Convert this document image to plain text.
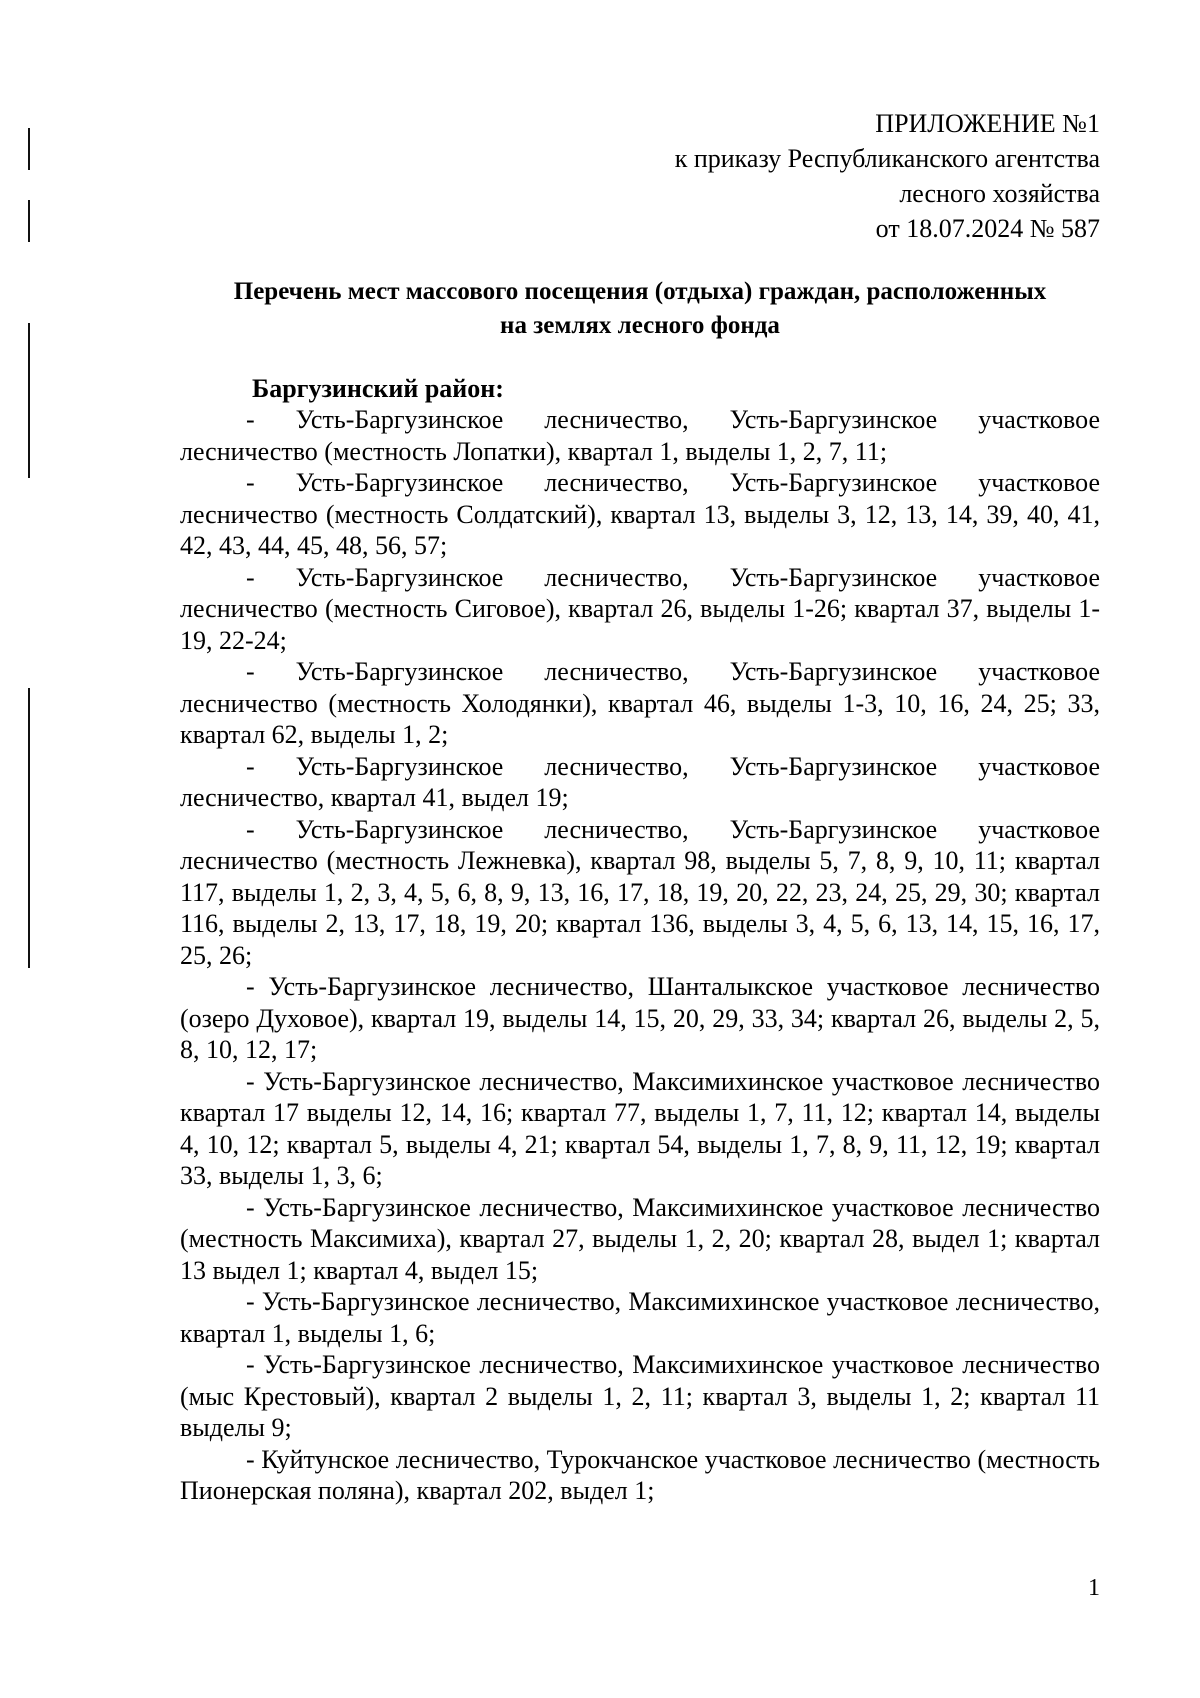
ПРИЛОЖЕНИЕ №1
к приказу Республиканского агентства
лесного хозяйства
от 18.07.2024 № 587
Перечень мест массового посещения (отдыха) граждан, расположенных
на землях лесного фонда
Баргузинский район:

- Усть-Баргузинское лесничество, Усть-Баргузинское участковое лесничество (местность Лопатки), квартал 1, выделы 1, 2, 7, 11;

- Усть-Баргузинское лесничество, Усть-Баргузинское участковое лесничество (местность Солдатский), квартал 13, выделы 3, 12, 13, 14, 39, 40, 41, 42, 43, 44, 45, 48, 56, 57;

- Усть-Баргузинское лесничество, Усть-Баргузинское участковое лесничество (местность Сиговое), квартал 26, выделы 1-26; квартал 37, выделы 1-19, 22-24;

- Усть-Баргузинское лесничество, Усть-Баргузинское участковое лесничество (местность Холодянки), квартал 46, выделы 1-3, 10, 16, 24, 25; 33, квартал 62, выделы 1, 2;

- Усть-Баргузинское лесничество, Усть-Баргузинское участковое лесничество, квартал 41, выдел 19;

- Усть-Баргузинское лесничество, Усть-Баргузинское участковое лесничество (местность Лежневка), квартал 98, выделы 5, 7, 8, 9, 10, 11; квартал 117, выделы 1, 2, 3, 4, 5, 6, 8, 9, 13, 16, 17, 18, 19, 20, 22, 23, 24, 25, 29, 30; квартал 116, выделы 2, 13, 17, 18, 19, 20; квартал 136, выделы 3, 4, 5, 6, 13, 14, 15, 16, 17, 25, 26;

- Усть-Баргузинское лесничество, Шанталыкское участковое лесничество (озеро Духовое), квартал 19, выделы 14, 15, 20, 29, 33, 34; квартал 26, выделы 2, 5, 8, 10, 12, 17;

- Усть-Баргузинское лесничество, Максимихинское участковое лесничество квартал 17 выделы 12, 14, 16; квартал 77, выделы 1, 7, 11, 12; квартал 14, выделы 4, 10, 12; квартал 5, выделы 4, 21; квартал 54, выделы 1, 7, 8, 9, 11, 12, 19; квартал 33, выделы 1, 3, 6;

- Усть-Баргузинское лесничество, Максимихинское участковое лесничество (местность Максимиха), квартал 27, выделы 1, 2, 20; квартал 28, выдел 1; квартал 13 выдел 1; квартал 4, выдел 15;

- Усть-Баргузинское лесничество, Максимихинское участковое лесничество, квартал 1, выделы 1, 6;

- Усть-Баргузинское лесничество, Максимихинское участковое лесничество (мыс Крестовый), квартал 2 выделы 1, 2, 11; квартал 3, выделы 1, 2; квартал 11 выделы 9;

- Куйтунское лесничество, Турокчанское участковое лесничество (местность Пионерская поляна), квартал 202, выдел 1;

1
